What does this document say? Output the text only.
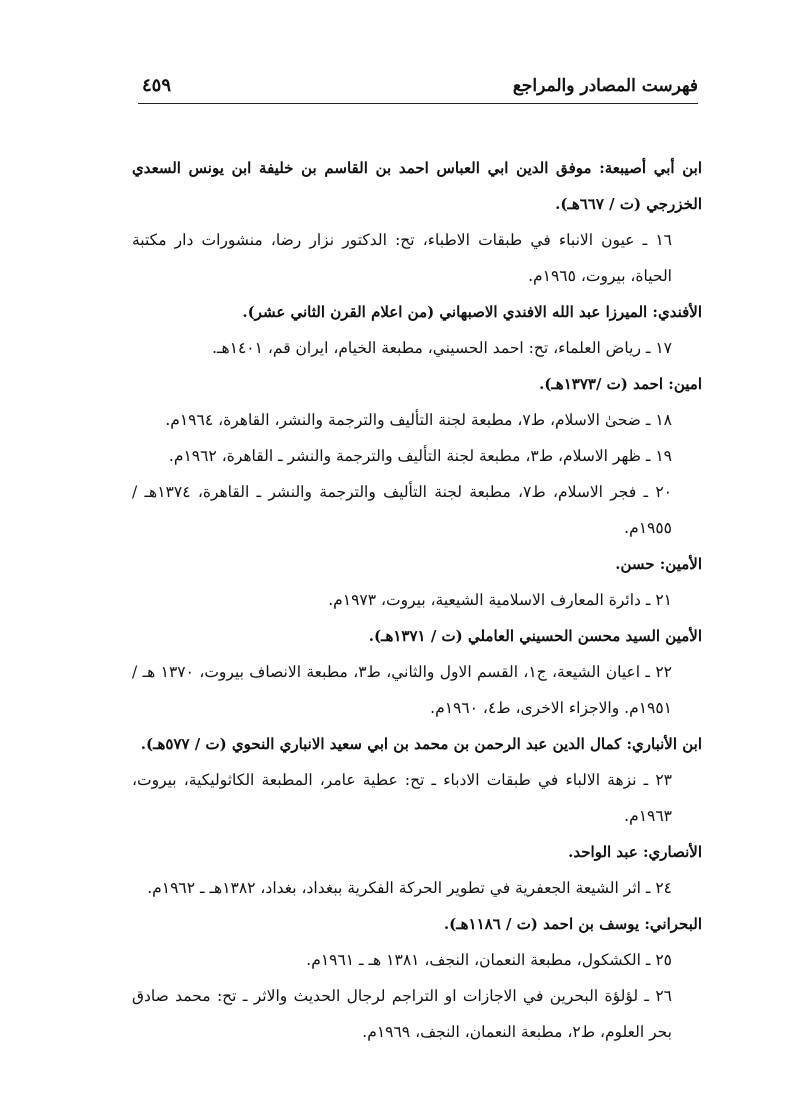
فهرست المصادر والمراجع
٤٥٩
ابن أبي أصيبعة: موفق الدين ابي العباس احمد بن القاسم بن خليفة ابن يونس السعدي الخزرجي (ت / ٦٦٧هـ).
١٦ ـ عيون الانباء في طبقات الاطباء، تح: الدكتور نزار رضا، منشورات دار مكتبة الحياة، بيروت، ١٩٦٥م.
الأفندي: الميرزا عبد الله الافندي الاصبهاني (من اعلام القرن الثاني عشر).
١٧ ـ رياض العلماء، تح: احمد الحسيني، مطبعة الخيام، ايران قم، ١٤٠١هـ.
امين: احمد (ت /١٣٧٣هـ).
١٨ ـ ضحىٰ الاسلام، ط٧، مطبعة لجنة التأليف والترجمة والنشر، القاهرة، ١٩٦٤م.
١٩ ـ ظهر الاسلام، ط٣، مطبعة لجنة التأليف والترجمة والنشر ـ القاهرة، ١٩٦٢م.
٢٠ ـ فجر الاسلام، ط٧، مطبعة لجنة التأليف والترجمة والنشر ـ القاهرة، ١٣٧٤هـ / ١٩٥٥م.
الأمين: حسن.
٢١ ـ دائرة المعارف الاسلامية الشيعية، بيروت، ١٩٧٣م.
الأمين السيد محسن الحسيني العاملي (ت / ١٣٧١هـ).
٢٢ ـ اعيان الشيعة، ج١، القسم الاول والثاني، ط٣، مطبعة الانصاف بيروت، ١٣٧٠ هـ / ١٩٥١م. والاجزاء الاخرى، ط٤، ١٩٦٠م.
ابن الأنباري: كمال الدين عبد الرحمن بن محمد بن ابي سعيد الانباري النحوي (ت / ٥٧٧هـ).
٢٣ ـ نزهة الالباء في طبقات الادباء ـ تح: عطية عامر، المطبعة الكاثوليكية، بيروت، ١٩٦٣م.
الأنصاري: عبد الواحد.
٢٤ ـ اثر الشيعة الجعفرية في تطوير الحركة الفكرية ببغداد، بغداد، ١٣٨٢هـ ـ ١٩٦٢م.
البحراني: يوسف بن احمد (ت / ١١٨٦هـ).
٢٥ ـ الكشكول، مطبعة النعمان، النجف، ١٣٨١ هـ ـ ١٩٦١م.
٢٦ ـ لؤلؤة البحرين في الاجازات او التراجم لرجال الحديث والاثر ـ تح: محمد صادق بحر العلوم، ط٢، مطبعة النعمان، النجف، ١٩٦٩م.
